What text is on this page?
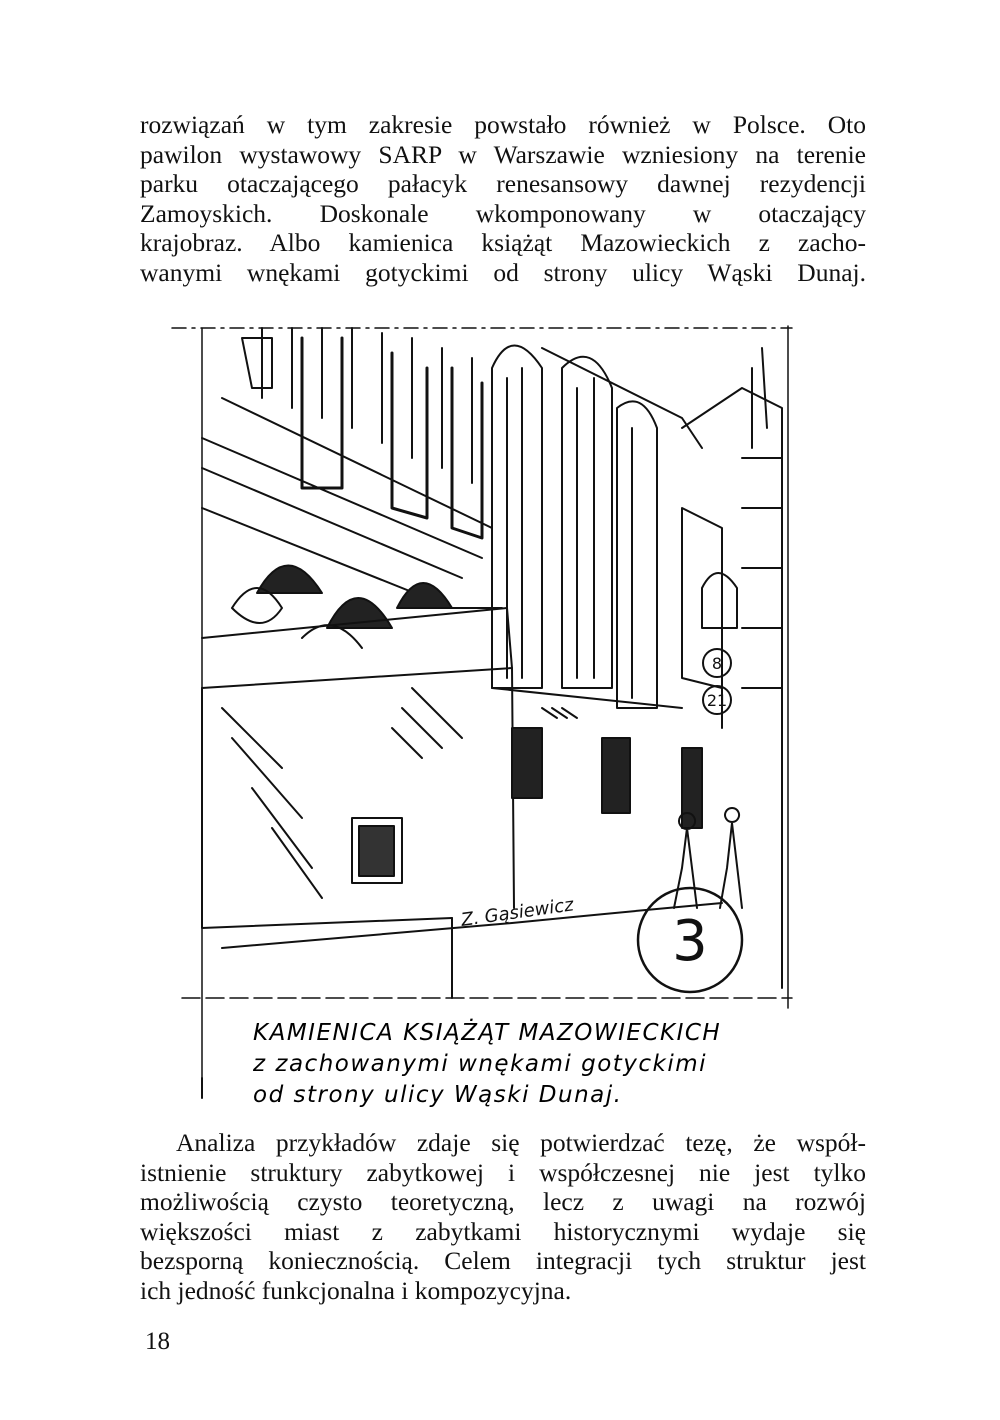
rozwiązań w tym zakresie powstało również w Polsce. Oto
pawilon wystawowy SARP w Warszawie wzniesiony na terenie
parku otaczającego pałacyk renesansowy dawnej rezydencji
Zamoyskich. Doskonale wkomponowany w otaczający
krajobraz. Albo kamienica książąt Mazowieckich z zacho-
wanymi wnękami gotyckimi od strony ulicy Wąski Dunaj.
3
8
21
Z. Gąsiewicz
KAMIENICA KSIĄŻĄT MAZOWIECKICH
z zachowanymi wnękami gotyckimi
od strony ulicy Wąski Dunaj.
Analiza przykładów zdaje się potwierdzać tezę, że współ-
istnienie struktury zabytkowej i współczesnej nie jest tylko
możliwością czysto teoretyczną, lecz z uwagi na rozwój
większości miast z zabytkami historycznymi wydaje się
bezsporną koniecznością. Celem integracji tych struktur jest
ich jedność funkcjonalna i kompozycyjna.
18
